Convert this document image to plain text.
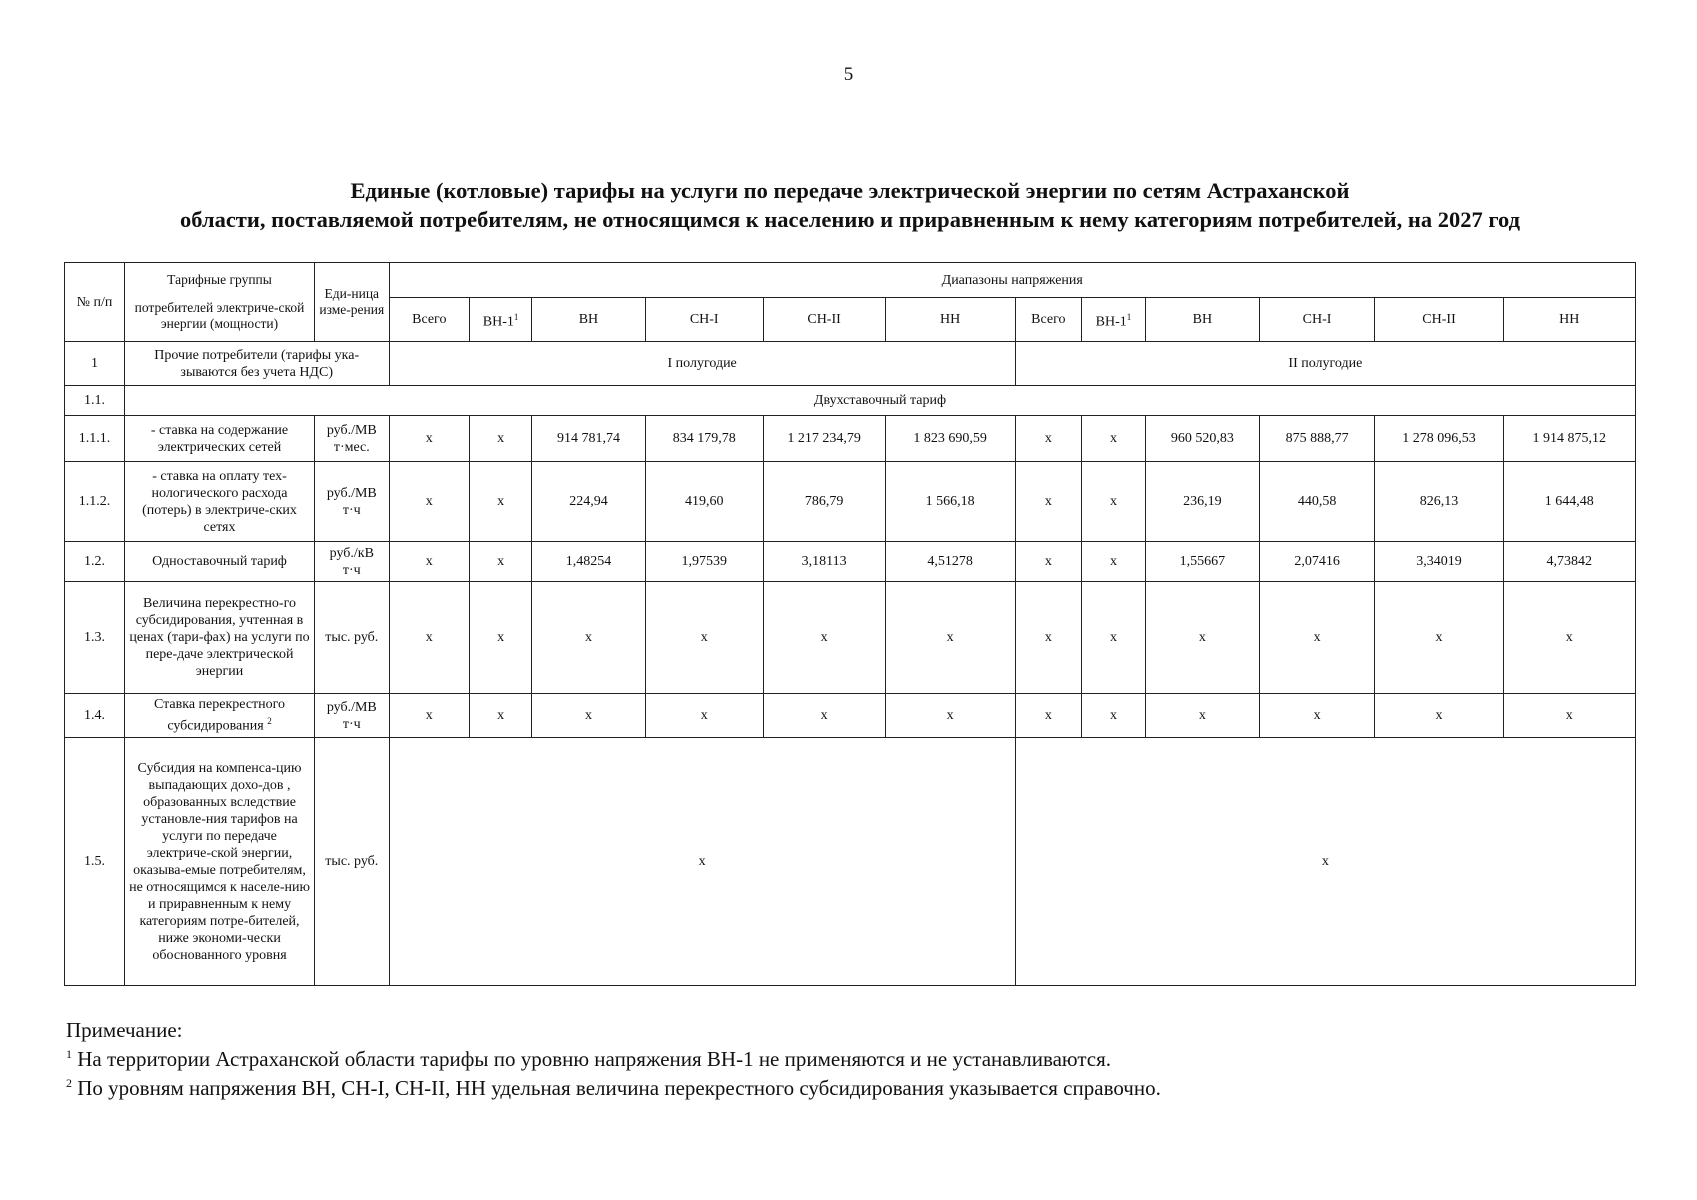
5
Единые (котловые) тарифы на услуги по передаче электрической энергии по сетям Астраханской
области, поставляемой потребителям, не относящимся к населению и приравненным к нему категориям потребителей, на 2027 год
№ п/п	Тарифные группы
потребителей электриче-ской энергии (мощности)	Еди-ница изме-рения	Диапазоны напряжения											
			Всего	$ВН-1^1$	ВН	СН-I	СН-II	НН	Всего	$ВН-1^1$	ВН	СН-I	СН-II	НН
1	Прочие потребители (тарифы ука-зываются без учета НДС)		I полугодие						II полугодие					
1.1.	Двухставочный тариф													
1.1.1.	- ставка на содержание электрических сетей	руб./МВ т·мес.	х	х	914 781,74	834 179,78	1 217 234,79	1 823 690,59	х	х	960 520,83	875 888,77	1 278 096,53	1 914 875,12
1.1.2.	- ставка на оплату тех-нологического расхода (потерь) в электриче-ских сетях	руб./МВ т·ч	х	х	224,94	419,60	786,79	1 566,18	х	х	236,19	440,58	826,13	1 644,48
1.2.	Одноставочный тариф	руб./кВ т·ч	х	х	1,48254	1,97539	3,18113	4,51278	х	х	1,55667	2,07416	3,34019	4,73842
1.3.	Величина перекрестно-го субсидирования, учтенная в ценах (тари-фах) на услуги по пере-даче электрической энергии	тыс. руб.	х	х	х	х	х	х	х	х	х	х	х	х
1.4.	Ставка перекрестного субсидирования $^2$	руб./МВ т·ч	х	х	х	х	х	х	х	х	х	х	х	х
1.5.	Субсидия на компенса-цию выпадающих дохо-дов , образованных вследствие установле-ния тарифов на услуги по передаче электриче-ской энергии, оказыва-емые потребителям, не относящимся к населе-нию и приравненным к нему категориям потре-бителей, ниже экономи-чески обоснованного уровня	тыс. руб.	х						х					
Примечание:
$^1$ На территории Астраханской области тарифы по уровню напряжения ВН-1 не применяются и не устанавливаются.
$^2$ По уровням напряжения ВН, СН-I, СН-II, НН удельная величина перекрестного субсидирования указывается справочно.
